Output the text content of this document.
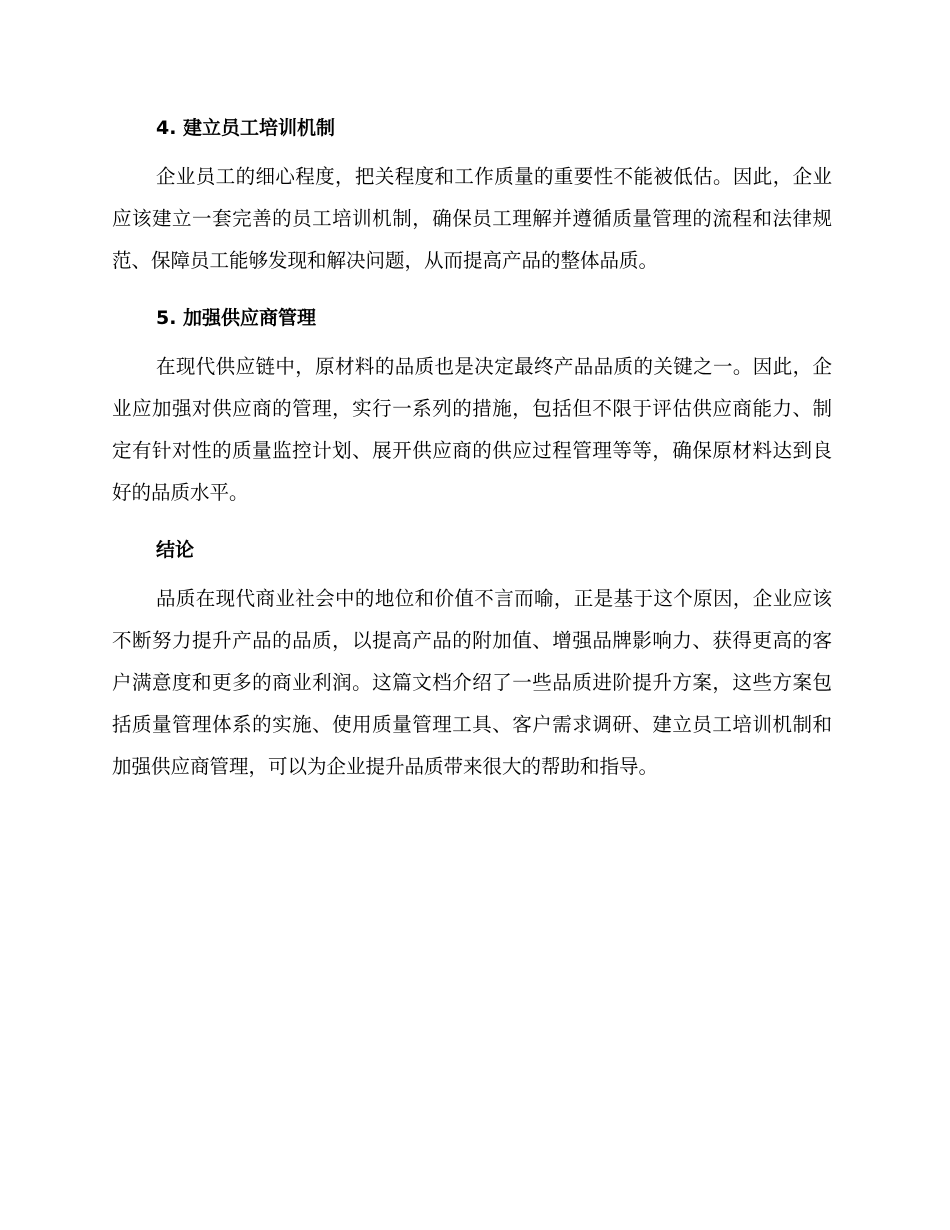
4. 建立员工培训机制

企业员工的细心程度，把关程度和工作质量的重要性不能被低估。因此，企业应该建立一套完善的员工培训机制，确保员工理解并遵循质量管理的流程和法律规范、保障员工能够发现和解决问题，从而提高产品的整体品质。

5. 加强供应商管理

在现代供应链中，原材料的品质也是决定最终产品品质的关键之一。因此，企业应加强对供应商的管理，实行一系列的措施，包括但不限于评估供应商能力、制定有针对性的质量监控计划、展开供应商的供应过程管理等等，确保原材料达到良好的品质水平。

结论

品质在现代商业社会中的地位和价值不言而喻，正是基于这个原因，企业应该不断努力提升产品的品质，以提高产品的附加值、增强品牌影响力、获得更高的客户满意度和更多的商业利润。这篇文档介绍了一些品质进阶提升方案，这些方案包括质量管理体系的实施、使用质量管理工具、客户需求调研、建立员工培训机制和加强供应商管理，可以为企业提升品质带来很大的帮助和指导。
